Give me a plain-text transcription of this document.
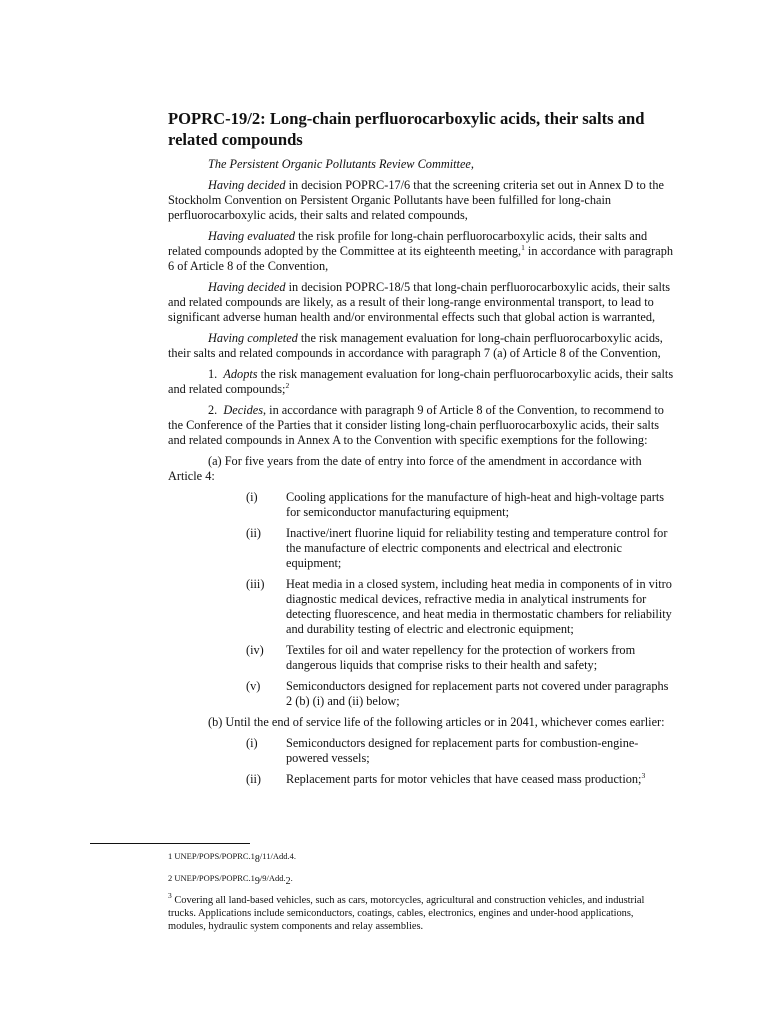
POPRC-19/2: Long-chain perfluorocarboxylic acids, their salts and related compounds

The Persistent Organic Pollutants Review Committee,

Having decided in decision POPRC-17/6 that the screening criteria set out in Annex D to the Stockholm Convention on Persistent Organic Pollutants have been fulfilled for long-chain perfluorocarboxylic acids, their salts and related compounds,

Having evaluated the risk profile for long-chain perfluorocarboxylic acids, their salts and related compounds adopted by the Committee at its eighteenth meeting,$^1$ in accordance with paragraph 6 of Article 8 of the Convention,

Having decided in decision POPRC-18/5 that long-chain perfluorocarboxylic acids, their salts and related compounds are likely, as a result of their long-range environmental transport, to lead to significant adverse human health and/or environmental effects such that global action is warranted,

Having completed the risk management evaluation for long-chain perfluorocarboxylic acids, their salts and related compounds in accordance with paragraph 7 (a) of Article 8 of the Convention,

1. Adopts the risk management evaluation for long-chain perfluorocarboxylic acids, their salts and related compounds;$^2$

2. Decides, in accordance with paragraph 9 of Article 8 of the Convention, to recommend to the Conference of the Parties that it consider listing long-chain perfluorocarboxylic acids, their salts and related compounds in Annex A to the Convention with specific exemptions for the following:

(a) For five years from the date of entry into force of the amendment in accordance with Article 4:

(i)	Cooling applications for the manufacture of high-heat and high-voltage parts for semiconductor manufacturing equipment;
(ii)	Inactive/inert fluorine liquid for reliability testing and temperature control for the manufacture of electric components and electrical and electronic equipment;
(iii)	Heat media in a closed system, including heat media in components of in vitro diagnostic medical devices, refractive media in analytical instruments for detecting fluorescence, and heat media in thermostatic chambers for reliability and durability testing of electric and electronic equipment;
(iv)	Textiles for oil and water repellency for the protection of workers from dangerous liquids that comprise risks to their health and safety;
(v)	Semiconductors designed for replacement parts not covered under paragraphs 2 (b) (i) and (ii) below;

(b) Until the end of service life of the following articles or in 2041, whichever comes earlier:

(i)	Semiconductors designed for replacement parts for combustion-engine-powered vessels;
(ii)	Replacement parts for motor vehicles that have ceased mass production;$^3$

1 UNEP/$POPS/POPRC.1_8/11/Add.4$.

2 UNEP/$POPS/POPRC.1_9/9/Add._2$.

$^3$ Covering all land-based vehicles, such as cars, motorcycles, agricultural and construction vehicles, and industrial trucks. Applications include semiconductors, coatings, cables, electronics, engines and under-hood applications, modules, hydraulic system components and relay assemblies.
